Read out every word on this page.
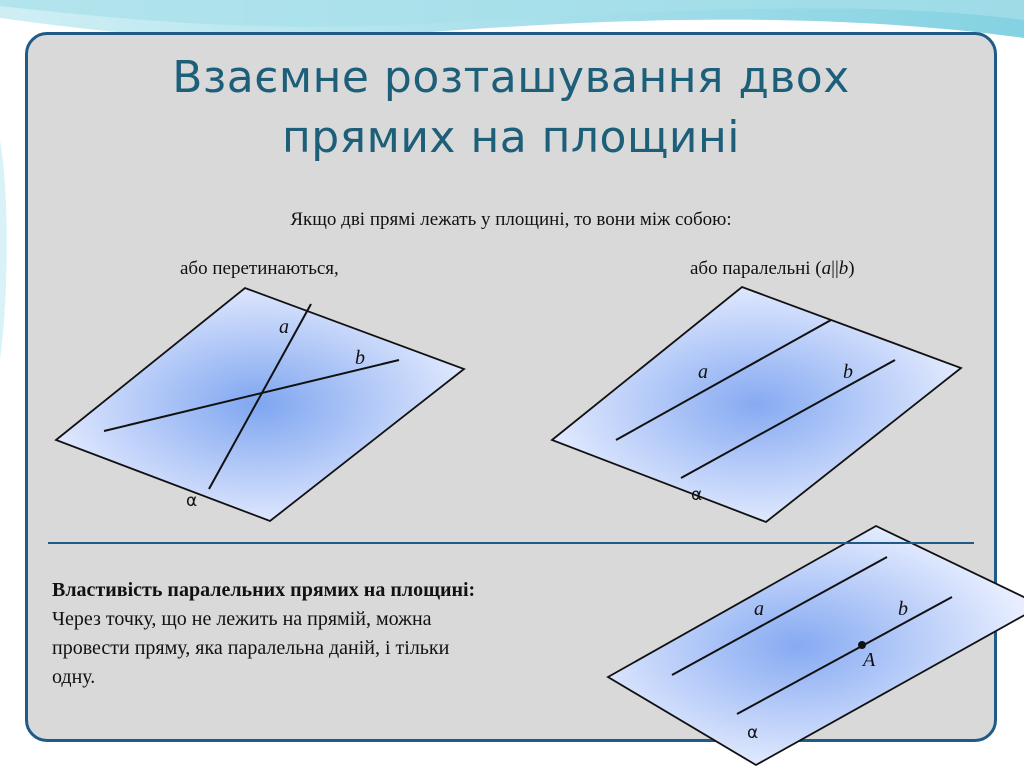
Взаємне розташування двох
прямих на площині
Якщо дві прямі лежать у площині, то вони між собою:
або перетинаються,	або паралельні (a||b)
a
b
α
a	b
α
a	b
A
α
Властивість паралельних прямих на площині:
Через точку, що не лежить на прямій, можна
провести пряму, яка паралельна даній, і тільки
одну.
